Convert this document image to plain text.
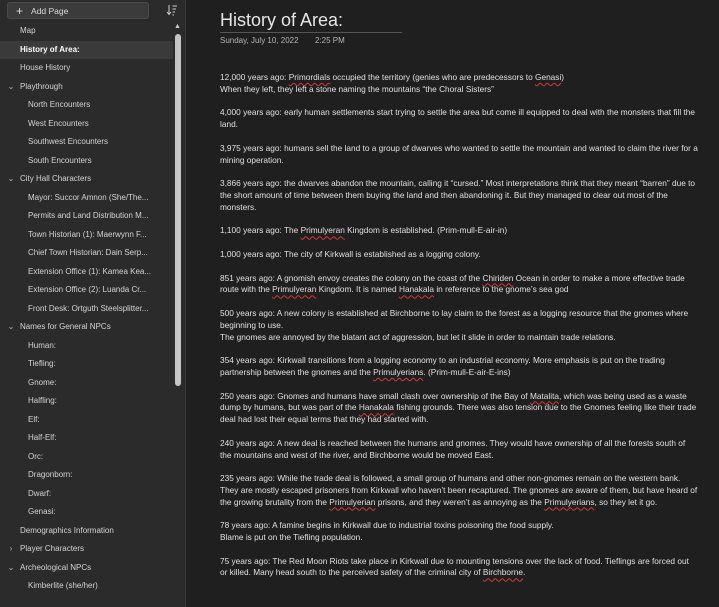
+ Add Page
Map
History of Area:
House History
⌄ Playthrough
North Encounters
West Encounters
Southwest Encounters
South Encounters
⌄ City Hall Characters
Mayor: Succor Amnon (She/The...
Permits and Land Distribution M...
Town Historian (1): Maerwynn F...
Chief Town Historian: Dain Serp...
Extension Office (1): Kamea Kea...
Extension Office (2): Luanda Cr...
Front Desk: Ortguth Steelsplitter...
⌄ Names for General NPCs
Human:
Tiefling:
Gnome:
Halfling:
Elf:
Half-Elf:
Orc:
Dragonborn:
Dwarf:
Genasi:
Demographics Information
› Player Characters
⌄ Archeological NPCs
Kimberlite (she/her)
▲ History of Area:
Sunday, July 10, 2022 2:25 PM

12,000 years ago: Primordials occupied the territory (genies who are predecessors to Genasi)
When they left, they left a stone naming the mountains “the Choral Sisters”

4,000 years ago: early human settlements start trying to settle the area but come ill equipped to deal with the monsters that fill the land.

3,975 years ago: humans sell the land to a group of dwarves who wanted to settle the mountain and wanted to claim the river for a mining operation.

3,866 years ago: the dwarves abandon the mountain, calling it “cursed.” Most interpretations think that they meant “barren” due to the short amount of time between them buying the land and then abandoning it. But they managed to clear out most of the monsters.

1,100 years ago: The Primulyeran Kingdom is established. (Prim-mull-E-air-in)

1,000 years ago: The city of Kirkwall is established as a logging colony.

851 years ago: A gnomish envoy creates the colony on the coast of the Chiriden Ocean in order to make a more effective trade route with the Primulyeran Kingdom. It is named Hanakala in reference to the gnome’s sea god

500 years ago: A new colony is established at Birchborne to lay claim to the forest as a logging resource that the gnomes where beginning to use.
The gnomes are annoyed by the blatant act of aggression, but let it slide in order to maintain trade relations.

354 years ago: Kirkwall transitions from a logging economy to an industrial economy. More emphasis is put on the trading partnership between the gnomes and the Primulyerians. (Prim-mull-E-air-E-ins)

250 years ago: Gnomes and humans have small clash over ownership of the Bay of Matalita, which was being used as a waste dump by humans, but was part of the Hanakala fishing grounds. There was also tension due to the Gnomes feeling like their trade deal had lost their equal terms that they had started with.

240 years ago: A new deal is reached between the humans and gnomes. They would have ownership of all the forests south of the mountains and west of the river, and Birchborne would be moved East.

235 years ago: While the trade deal is followed, a small group of humans and other non-gnomes remain on the western bank. They are mostly escaped prisoners from Kirkwall who haven’t been recaptured. The gnomes are aware of them, but have heard of the growing brutality from the Primulyerian prisons, and they weren’t as annoying as the Primulyerians, so they let it go.

78 years ago: A famine begins in Kirkwall due to industrial toxins poisoning the food supply.
Blame is put on the Tiefling population.

75 years ago: The Red Moon Riots take place in Kirkwall due to mounting tensions over the lack of food. Tieflings are forced out or killed. Many head south to the perceived safety of the criminal city of Birchborne.
